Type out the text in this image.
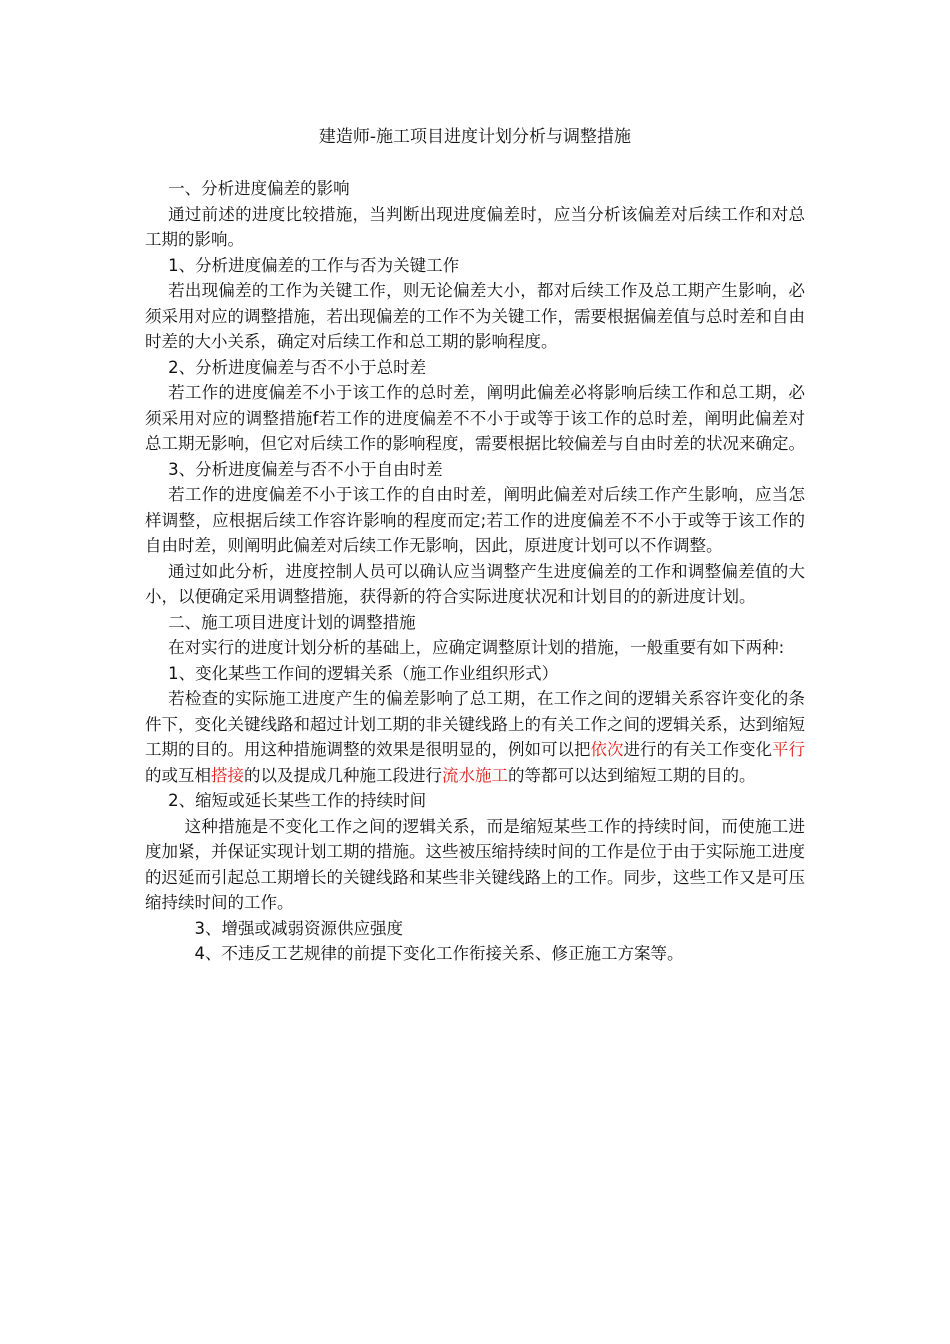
建造师-施工项目进度计划分析与调整措施

一、分析进度偏差的影响

通过前述的进度比较措施，当判断出现进度偏差时，应当分析该偏差对后续工作和对总工期的影响。

1、分析进度偏差的工作与否为关键工作

若出现偏差的工作为关键工作，则无论偏差大小，都对后续工作及总工期产生影响，必须采用对应的调整措施，若出现偏差的工作不为关键工作，需要根据偏差值与总时差和自由时差的大小关系，确定对后续工作和总工期的影响程度。

2、分析进度偏差与否不小于总时差

若工作的进度偏差不小于该工作的总时差，阐明此偏差必将影响后续工作和总工期，必须采用对应的调整措施f若工作的进度偏差不不小于或等于该工作的总时差，阐明此偏差对总工期无影响，但它对后续工作的影响程度，需要根据比较偏差与自由时差的状况来确定。

3、分析进度偏差与否不小于自由时差

若工作的进度偏差不小于该工作的自由时差，阐明此偏差对后续工作产生影响，应当怎样调整，应根据后续工作容许影响的程度而定;若工作的进度偏差不不小于或等于该工作的自由时差，则阐明此偏差对后续工作无影响，因此，原进度计划可以不作调整。

通过如此分析，进度控制人员可以确认应当调整产生进度偏差的工作和调整偏差值的大小，以便确定采用调整措施，获得新的符合实际进度状况和计划目的的新进度计划。

二、施工项目进度计划的调整措施

在对实行的进度计划分析的基础上，应确定调整原计划的措施，一般重要有如下两种:

1、变化某些工作间的逻辑关系（施工作业组织形式）

若检查的实际施工进度产生的偏差影响了总工期，在工作之间的逻辑关系容许变化的条件下，变化关键线路和超过计划工期的非关键线路上的有关工作之间的逻辑关系，达到缩短工期的目的。用这种措施调整的效果是很明显的，例如可以把依次进行的有关工作变化平行的或互相搭接的以及提成几种施工段进行流水施工的等都可以达到缩短工期的目的。

2、缩短或延长某些工作的持续时间

这种措施是不变化工作之间的逻辑关系，而是缩短某些工作的持续时间，而使施工进度加紧，并保证实现计划工期的措施。这些被压缩持续时间的工作是位于由于实际施工进度的迟延而引起总工期增长的关键线路和某些非关键线路上的工作。同步，这些工作又是可压缩持续时间的工作。

3、增强或减弱资源供应强度

4、不违反工艺规律的前提下变化工作衔接关系、修正施工方案等。
